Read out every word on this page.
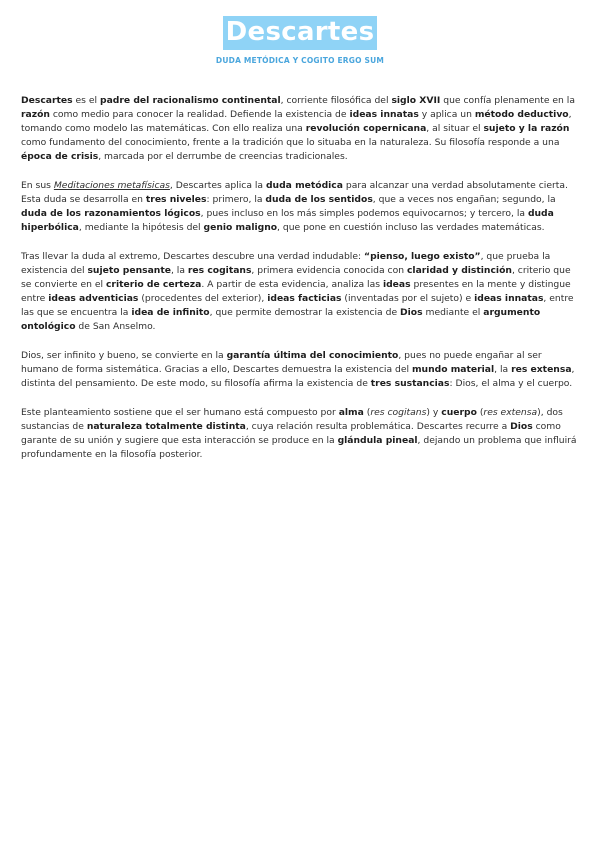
Descartes
DUDA METÓDICA Y COGITO ERGO SUM

Descartes es el padre del racionalismo continental, corriente filosófica del siglo XVII que confía plenamente en la razón como medio para conocer la realidad. Defiende la existencia de ideas innatas y aplica un método deductivo, tomando como modelo las matemáticas. Con ello realiza una revolución copernicana, al situar el sujeto y la razón como fundamento del conocimiento, frente a la tradición que lo situaba en la naturaleza. Su filosofía responde a una época de crisis, marcada por el derrumbe de creencias tradicionales.

En sus Meditaciones metafísicas, Descartes aplica la duda metódica para alcanzar una verdad absolutamente cierta. Esta duda se desarrolla en tres niveles: primero, la duda de los sentidos, que a veces nos engañan; segundo, la duda de los razonamientos lógicos, pues incluso en los más simples podemos equivocarnos; y tercero, la duda hiperbólica, mediante la hipótesis del genio maligno, que pone en cuestión incluso las verdades matemáticas.

Tras llevar la duda al extremo, Descartes descubre una verdad indudable: “pienso, luego existo”, que prueba la existencia del sujeto pensante, la res cogitans, primera evidencia conocida con claridad y distinción, criterio que se convierte en el criterio de certeza. A partir de esta evidencia, analiza las ideas presentes en la mente y distingue entre ideas adventicias (procedentes del exterior), ideas facticias (inventadas por el sujeto) e ideas innatas, entre las que se encuentra la idea de infinito, que permite demostrar la existencia de Dios mediante el argumento ontológico de San Anselmo.

Dios, ser infinito y bueno, se convierte en la garantía última del conocimiento, pues no puede engañar al ser humano de forma sistemática. Gracias a ello, Descartes demuestra la existencia del mundo material, la res extensa, distinta del pensamiento. De este modo, su filosofía afirma la existencia de tres sustancias: Dios, el alma y el cuerpo.

Este planteamiento sostiene que el ser humano está compuesto por alma (res cogitans) y cuerpo (res extensa), dos sustancias de naturaleza totalmente distinta, cuya relación resulta problemática. Descartes recurre a Dios como garante de su unión y sugiere que esta interacción se produce en la glándula pineal, dejando un problema que influirá profundamente en la filosofía posterior.
